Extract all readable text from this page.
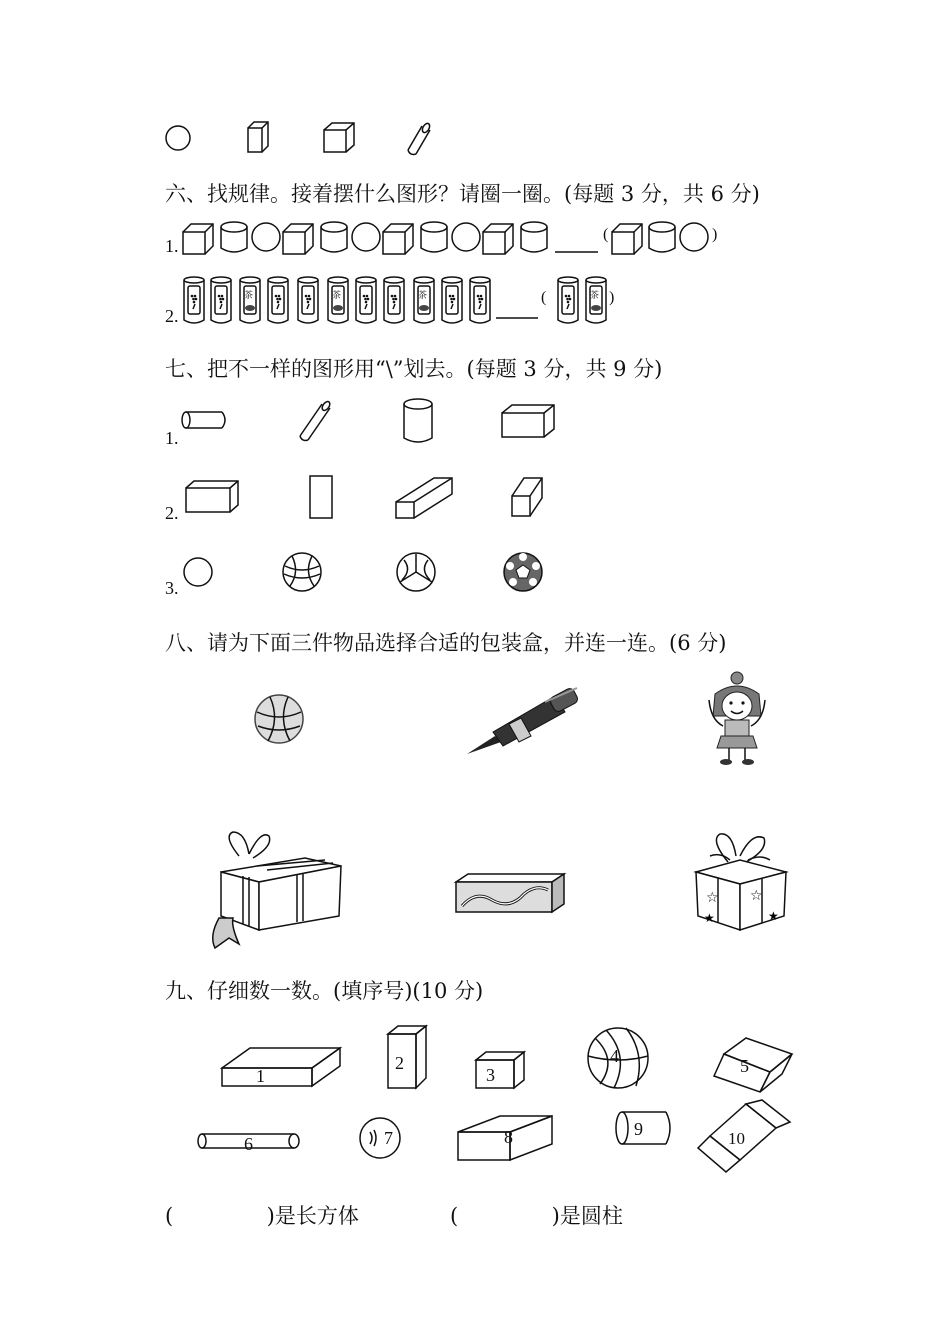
六、找规律。接着摆什么图形？请圈一圈。(每题 3 分，共 6 分)
1.
(	)
2.
茶	茶	茶	茶
(	)
七、把不一样的图形用“\”划去。(每题 3 分，共 9 分)
1.
2.
3.
八、请为下面三件物品选择合适的包装盒，并连一连。(6 分)
☆ ☆
★	★
九、仔细数一数。(填序号)(10 分)
1
2
3
4	5
6	7	8	9	10
(              )是长方体	(              )是圆柱
